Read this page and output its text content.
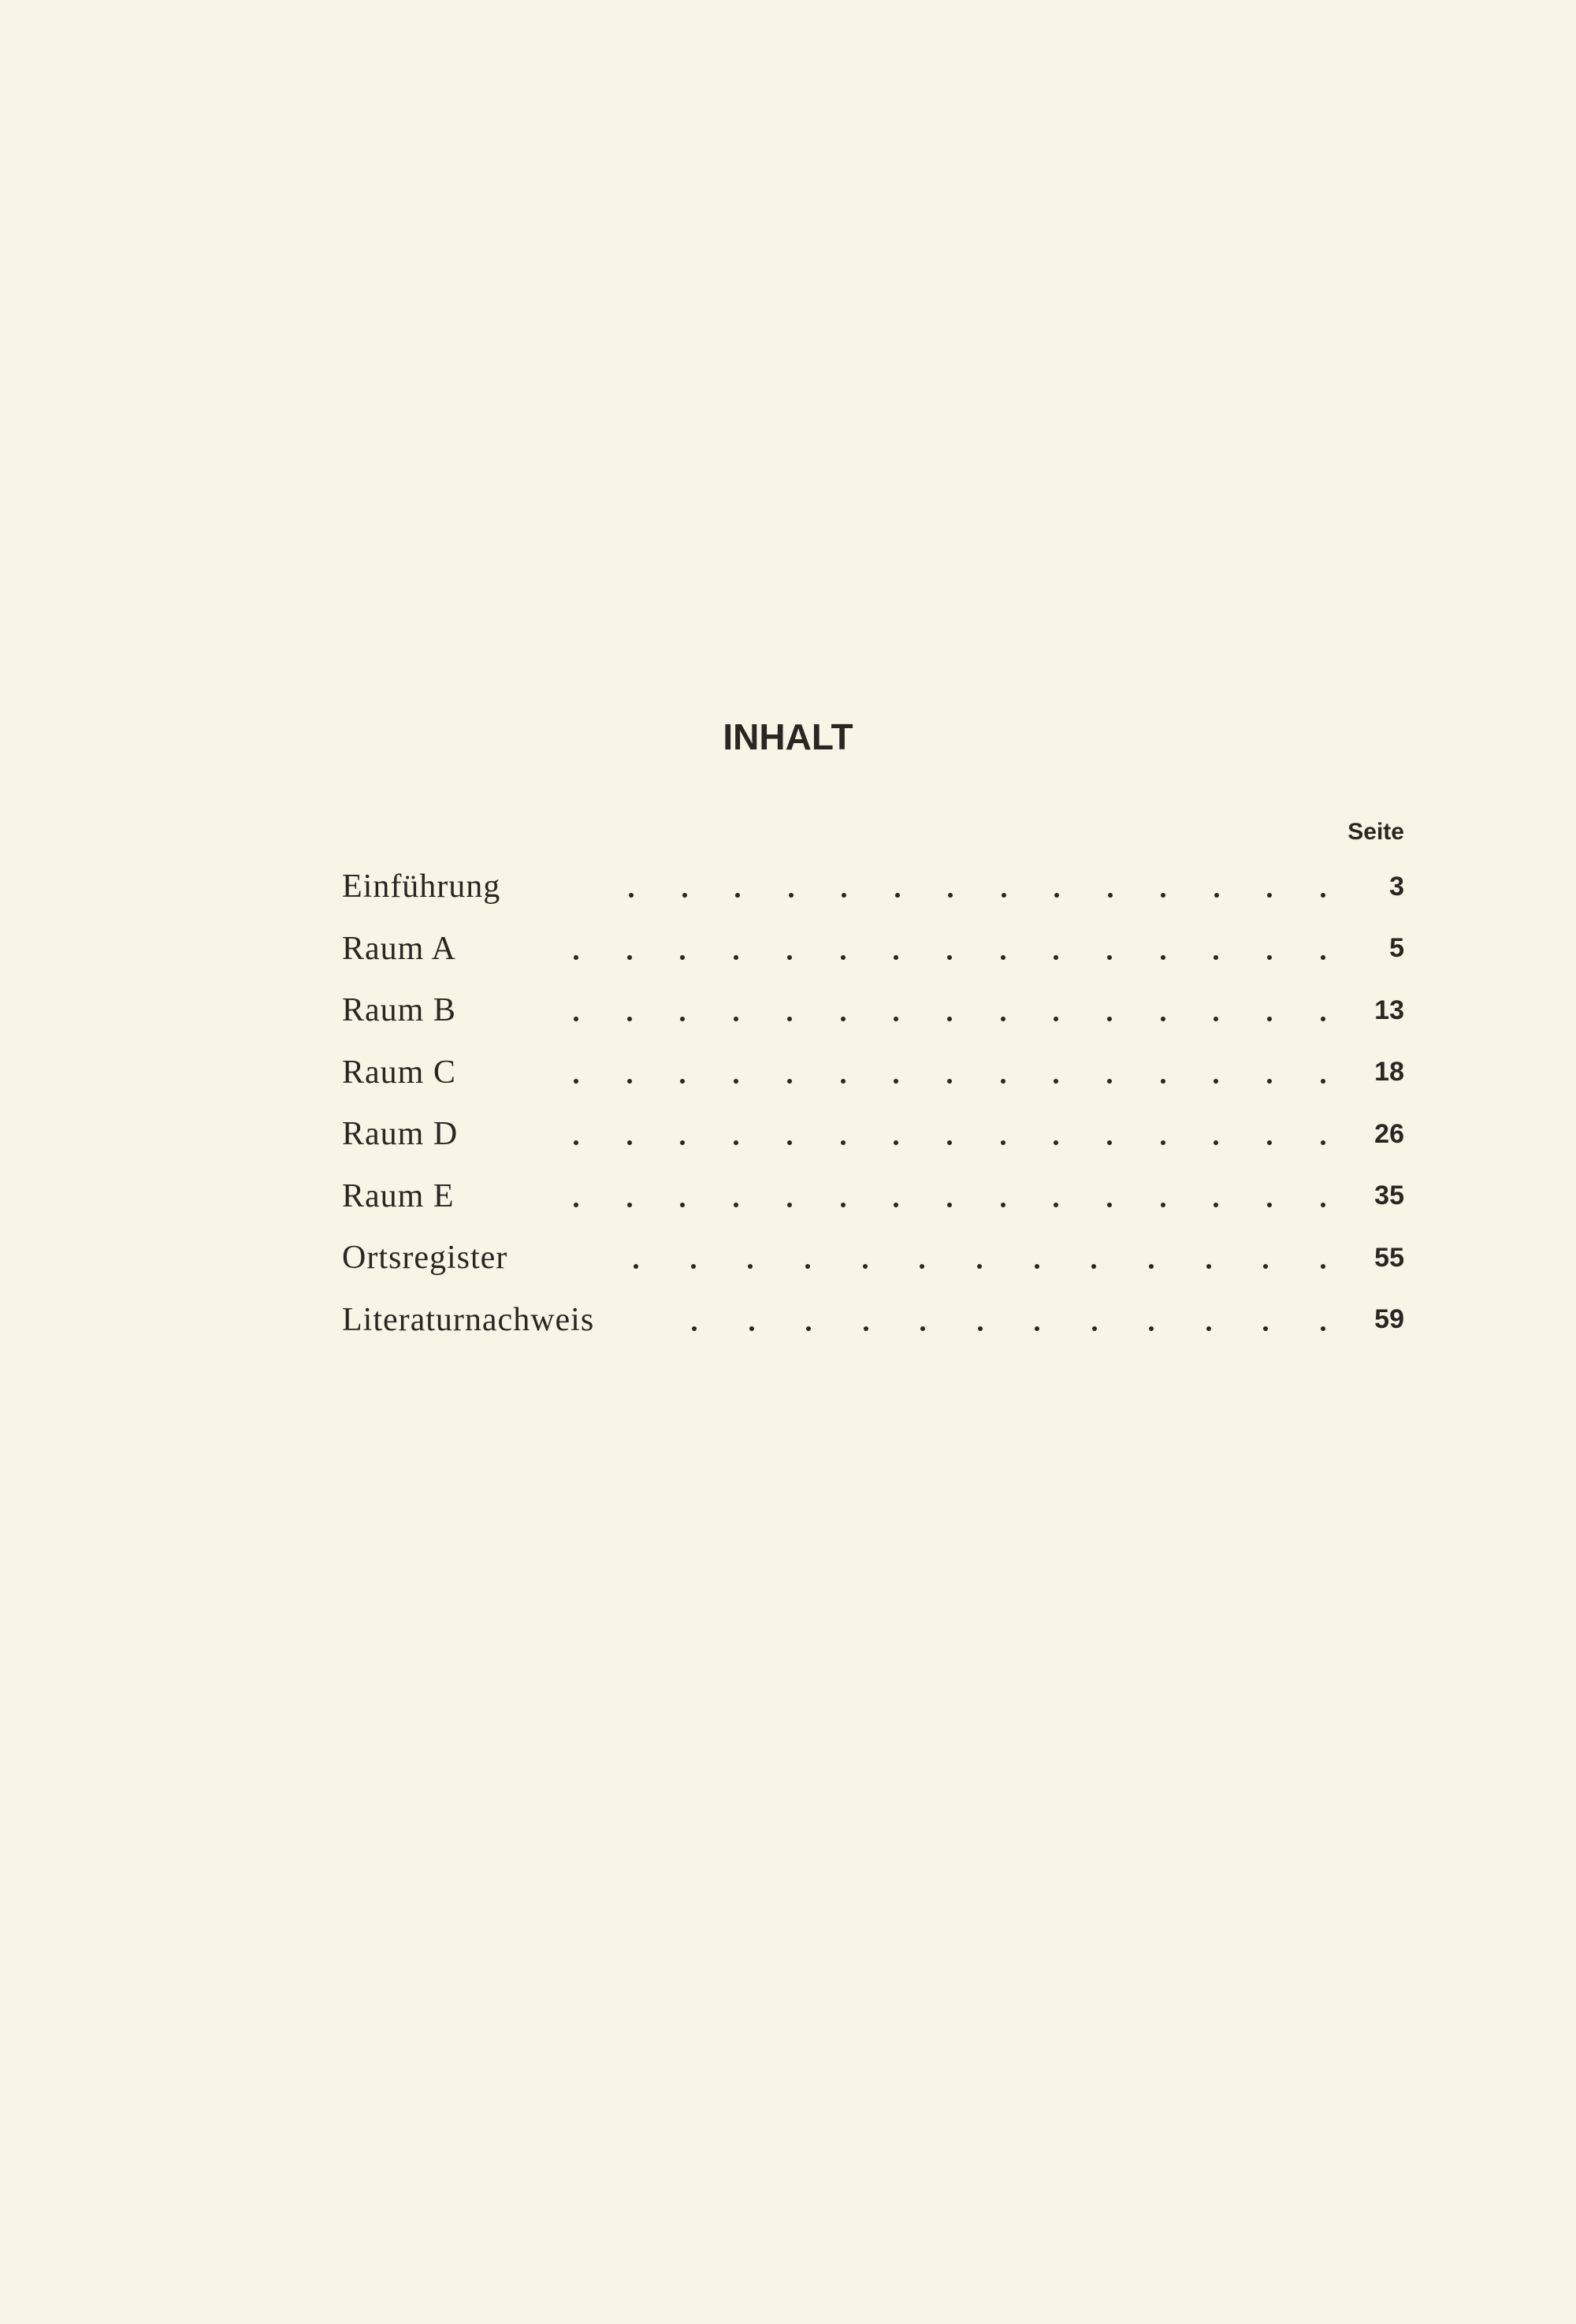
INHALT
Seite
Einführung	3
Raum A	5
Raum B	13
Raum C	18
Raum D	26
Raum E	35
Ortsregister	55
Literaturnachweis	59
